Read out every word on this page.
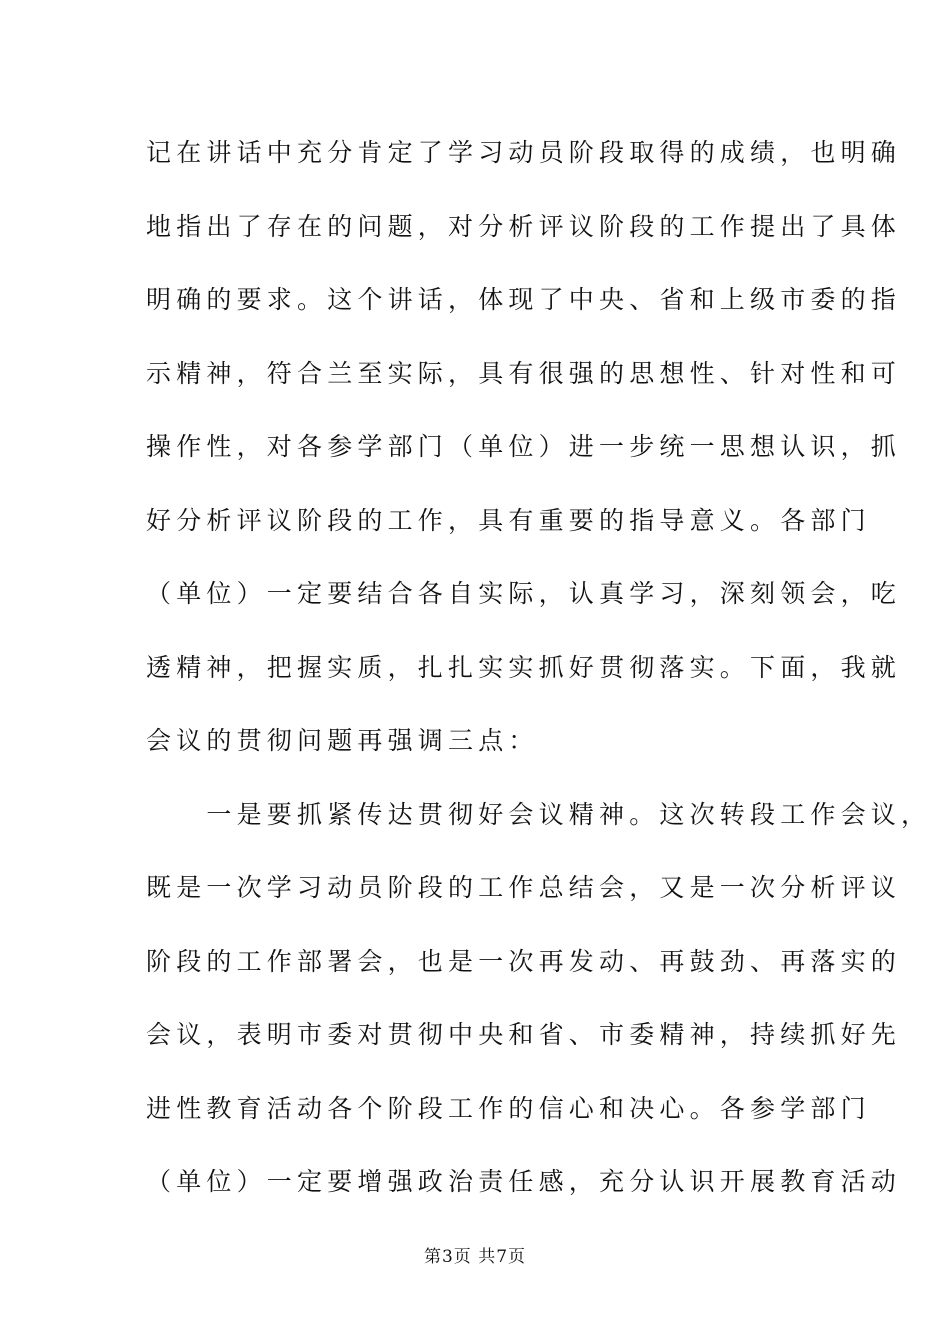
记在讲话中充分肯定了学习动员阶段取得的成绩，也明确
地指出了存在的问题，对分析评议阶段的工作提出了具体
明确的要求。这个讲话，体现了中央、省和上级市委的指
示精神，符合兰至实际，具有很强的思想性、针对性和可
操作性，对各参学部门（单位）进一步统一思想认识，抓
好分析评议阶段的工作，具有重要的指导意义。各部门
（单位）一定要结合各自实际，认真学习，深刻领会，吃
透精神，把握实质，扎扎实实抓好贯彻落实。下面，我就
会议的贯彻问题再强调三点：
　　一是要抓紧传达贯彻好会议精神。这次转段工作会议，
既是一次学习动员阶段的工作总结会，又是一次分析评议
阶段的工作部署会，也是一次再发动、再鼓劲、再落实的
会议，表明市委对贯彻中央和省、市委精神，持续抓好先
进性教育活动各个阶段工作的信心和决心。各参学部门
（单位）一定要增强政治责任感，充分认识开展教育活动
第3页 共7页
